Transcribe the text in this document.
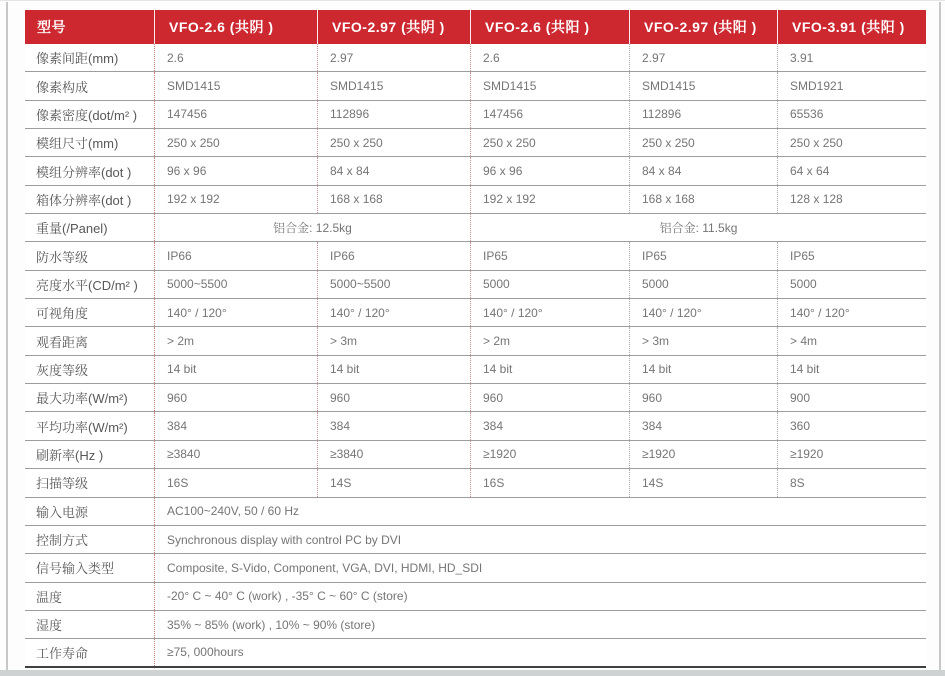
型号	VFO-2.6 (共阴 )	VFO-2.97 (共阴 )	VFO-2.6 (共阳 )	VFO-2.97 (共阳 )	VFO-3.91 (共阳 )
像素间距(mm)	2.6	2.97	2.6	2.97	3.91
像素构成	SMD1415	SMD1415	SMD1415	SMD1415	SMD1921
像素密度(dot/m² )	147456	112896	147456	112896	65536
模组尺寸(mm)	250 x 250	250 x 250	250 x 250	250 x 250	250 x 250
模组分辨率(dot )	96 x 96	84 x 84	96 x 96	84 x 84	64 x 64
箱体分辨率(dot )	192 x 192	168 x 168	192 x 192	168 x 168	128 x 128
重量(/Panel)	铝合金: 12.5kg	铝合金: 11.5kg
防水等级	IP66	IP66	IP65	IP65	IP65
亮度水平(CD/m² )	5000~5500	5000~5500	5000	5000	5000
可视角度	140° / 120°	140° / 120°	140° / 120°	140° / 120°	140° / 120°
观看距离	> 2m	> 3m	> 2m	> 3m	> 4m
灰度等级	14 bit	14 bit	14 bit	14 bit	14 bit
最大功率(W/m²)	960	960	960	960	900
平均功率(W/m²)	384	384	384	384	360
刷新率(Hz )	≥3840	≥3840	≥1920	≥1920	≥1920
扫描等级	16S	14S	16S	14S	8S
输入电源	AC100~240V, 50 / 60 Hz
控制方式	Synchronous display with control PC by DVI
信号输入类型	Composite, S-Vido, Component, VGA, DVI, HDMI, HD_SDI
温度	-20° C ~ 40° C (work) , -35° C ~ 60° C (store)
湿度	35% ~ 85% (work) , 10% ~ 90% (store)
工作寿命	≥75, 000hours
